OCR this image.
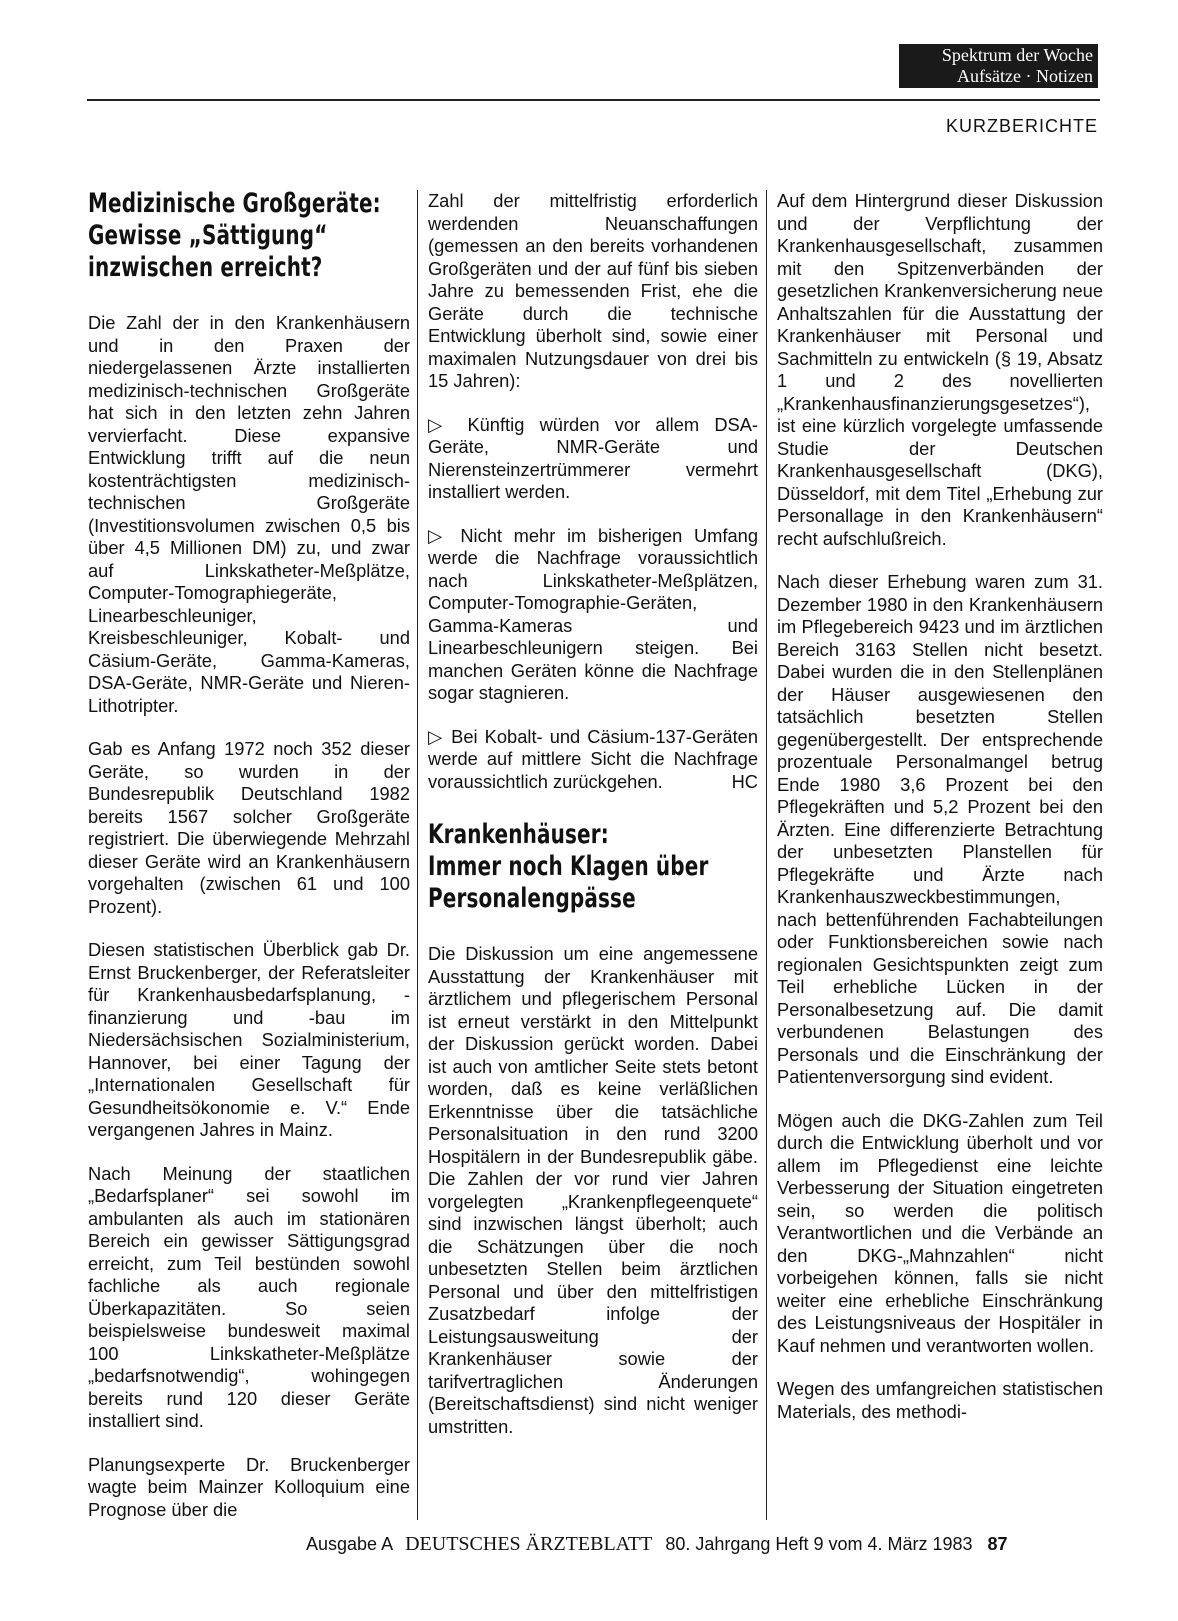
Spektrum der Woche
Aufsätze · Notizen
KURZBERICHTE
Medizinische Großgeräte:
Gewisse „Sättigung“
inzwischen erreicht?

Die Zahl der in den Krankenhäusern und in den Praxen der niedergelassenen Ärzte installierten medizinisch-technischen Großgeräte hat sich in den letzten zehn Jahren vervierfacht. Diese expansive Entwicklung trifft auf die neun kostenträchtigsten medizinisch-technischen Großgeräte (Investitionsvolumen zwischen 0,5 bis über 4,5 Millionen DM) zu, und zwar auf Linkskatheter-Meßplätze, Computer-Tomographiegeräte, Linearbeschleuniger, Kreisbeschleuniger, Kobalt- und Cäsium-Geräte, Gamma-Kameras, DSA-Geräte, NMR-Geräte und Nieren-Lithotripter.

Gab es Anfang 1972 noch 352 dieser Geräte, so wurden in der Bundesrepublik Deutschland 1982 bereits 1567 solcher Großgeräte registriert. Die überwiegende Mehrzahl dieser Geräte wird an Krankenhäusern vorgehalten (zwischen 61 und 100 Prozent).

Diesen statistischen Überblick gab Dr. Ernst Bruckenberger, der Referatsleiter für Krankenhausbedarfsplanung, -finanzierung und -bau im Niedersächsischen Sozialministerium, Hannover, bei einer Tagung der „Internationalen Gesellschaft für Gesundheitsökonomie e. V.“ Ende vergangenen Jahres in Mainz.

Nach Meinung der staatlichen „Bedarfsplaner“ sei sowohl im ambulanten als auch im stationären Bereich ein gewisser Sättigungsgrad erreicht, zum Teil bestünden sowohl fachliche als auch regionale Überkapazitäten. So seien beispielsweise bundesweit maximal 100 Linkskatheter-Meßplätze „bedarfsnotwendig“, wohingegen bereits rund 120 dieser Geräte installiert sind.

Planungsexperte Dr. Bruckenberger wagte beim Mainzer Kolloquium eine Prognose über die

Zahl der mittelfristig erforderlich werdenden Neuanschaffungen (gemessen an den bereits vorhandenen Großgeräten und der auf fünf bis sieben Jahre zu bemessenden Frist, ehe die Geräte durch die technische Entwicklung überholt sind, sowie einer maximalen Nutzungsdauer von drei bis 15 Jahren):

▷ Künftig würden vor allem DSA-Geräte, NMR-Geräte und Nierensteinzertrümmerer vermehrt installiert werden.

▷ Nicht mehr im bisherigen Umfang werde die Nachfrage voraussichtlich nach Linkskatheter-Meßplätzen, Computer-Tomographie-Geräten, Gamma-Kameras und Linearbeschleunigern steigen. Bei manchen Geräten könne die Nachfrage sogar stagnieren.

▷ Bei Kobalt- und Cäsium-137-Geräten werde auf mittlere Sicht die Nachfrage voraussichtlich zurückgehen.	HC

Krankenhäuser:
Immer noch Klagen über
Personalengpässe

Die Diskussion um eine angemessene Ausstattung der Krankenhäuser mit ärztlichem und pflegerischem Personal ist erneut verstärkt in den Mittelpunkt der Diskussion gerückt worden. Dabei ist auch von amtlicher Seite stets betont worden, daß es keine verläßlichen Erkenntnisse über die tatsächliche Personalsituation in den rund 3200 Hospitälern in der Bundesrepublik gäbe. Die Zahlen der vor rund vier Jahren vorgelegten „Krankenpflegeenquete“ sind inzwischen längst überholt; auch die Schätzungen über die noch unbesetzten Stellen beim ärztlichen Personal und über den mittelfristigen Zusatzbedarf infolge der Leistungsausweitung der Krankenhäuser sowie der tarifvertraglichen Änderungen (Bereitschaftsdienst) sind nicht weniger umstritten.

Auf dem Hintergrund dieser Diskussion und der Verpflichtung der Krankenhausgesellschaft, zusammen mit den Spitzenverbänden der gesetzlichen Krankenversicherung neue Anhaltszahlen für die Ausstattung der Krankenhäuser mit Personal und Sachmitteln zu entwickeln (§ 19, Absatz 1 und 2 des novellierten „Krankenhausfinanzierungsgesetzes“), ist eine kürzlich vorgelegte umfassende Studie der Deutschen Krankenhausgesellschaft (DKG), Düsseldorf, mit dem Titel „Erhebung zur Personallage in den Krankenhäusern“ recht aufschlußreich.

Nach dieser Erhebung waren zum 31. Dezember 1980 in den Krankenhäusern im Pflegebereich 9423 und im ärztlichen Bereich 3163 Stellen nicht besetzt. Dabei wurden die in den Stellenplänen der Häuser ausgewiesenen den tatsächlich besetzten Stellen gegenübergestellt. Der entsprechende prozentuale Personalmangel betrug Ende 1980 3,6 Prozent bei den Pflegekräften und 5,2 Prozent bei den Ärzten. Eine differenzierte Betrachtung der unbesetzten Planstellen für Pflegekräfte und Ärzte nach Krankenhauszweckbestimmungen, nach bettenführenden Fachabteilungen oder Funktionsbereichen sowie nach regionalen Gesichtspunkten zeigt zum Teil erhebliche Lücken in der Personalbesetzung auf. Die damit verbundenen Belastungen des Personals und die Einschränkung der Patientenversorgung sind evident.

Mögen auch die DKG-Zahlen zum Teil durch die Entwicklung überholt und vor allem im Pflegedienst eine leichte Verbesserung der Situation eingetreten sein, so werden die politisch Verantwortlichen und die Verbände an den DKG-„Mahnzahlen“ nicht vorbeigehen können, falls sie nicht weiter eine erhebliche Einschränkung des Leistungsniveaus der Hospitäler in Kauf nehmen und verantworten wollen.

Wegen des umfangreichen statistischen Materials, des methodi-

Ausgabe A DEUTSCHES ÄRZTEBLATT 80. Jahrgang Heft 9 vom 4. März 1983 87
